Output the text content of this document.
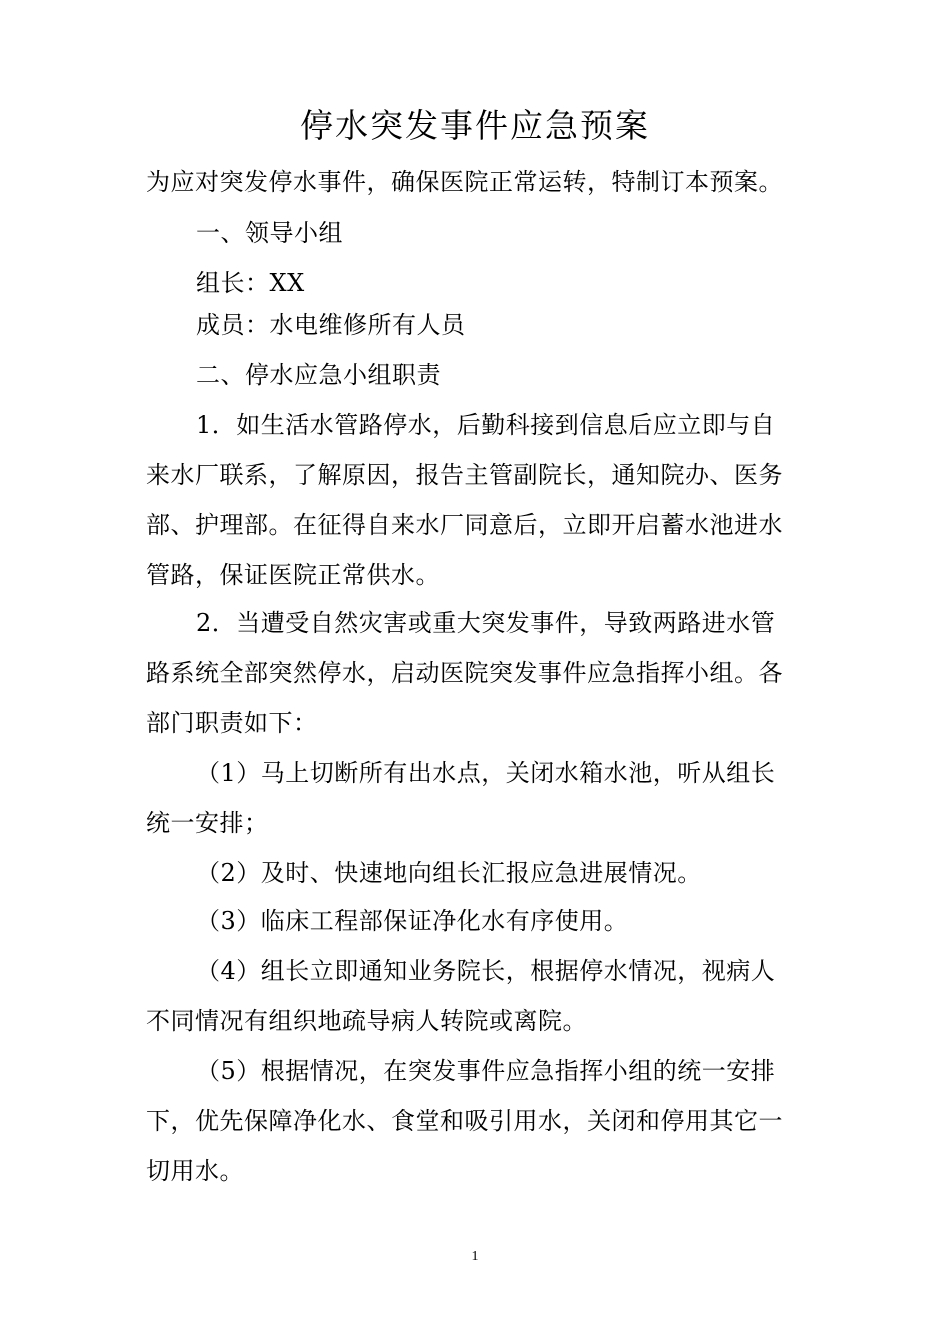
停水突发事件应急预案
为应对突发停水事件，确保医院正常运转，特制订本预案。
一、领导小组
组长：XX
成员：水电维修所有人员
二、停水应急小组职责
1．如生活水管路停水，后勤科接到信息后应立即与自
来水厂联系，了解原因，报告主管副院长，通知院办、医务
部、护理部。在征得自来水厂同意后，立即开启蓄水池进水
管路，保证医院正常供水。
2．当遭受自然灾害或重大突发事件，导致两路进水管
路系统全部突然停水，启动医院突发事件应急指挥小组。各
部门职责如下：
（1）马上切断所有出水点，关闭水箱水池，听从组长
统一安排；
（2）及时、快速地向组长汇报应急进展情况。
（3）临床工程部保证净化水有序使用。
（4）组长立即通知业务院长，根据停水情况，视病人
不同情况有组织地疏导病人转院或离院。
（5）根据情况，在突发事件应急指挥小组的统一安排
下，优先保障净化水、食堂和吸引用水，关闭和停用其它一
切用水。
1
